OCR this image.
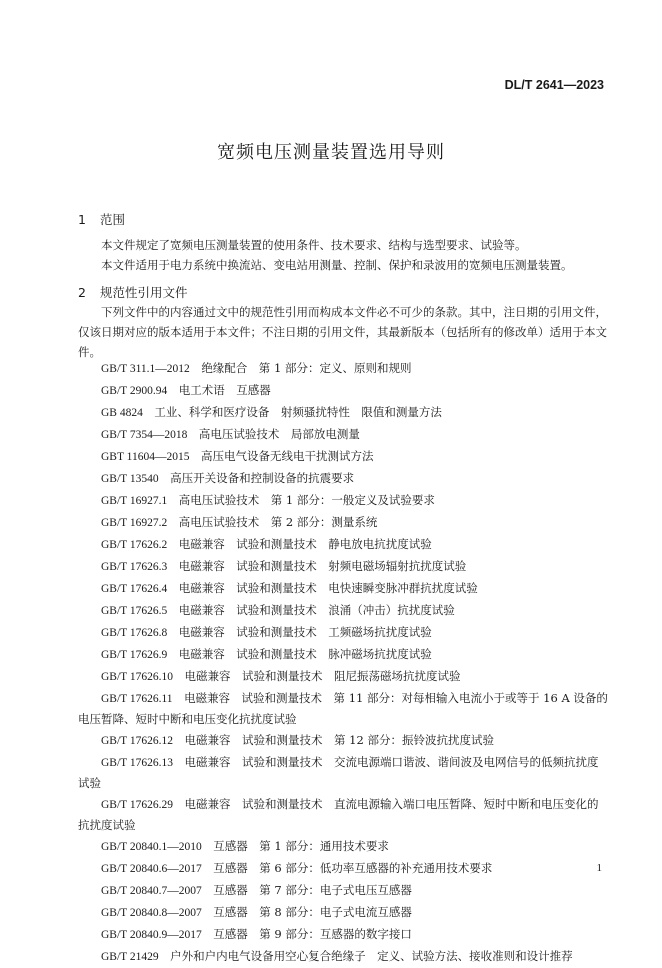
DL/T 2641—2023
宽频电压测量装置选用导则
1 范围
本文件规定了宽频电压测量装置的使用条件、技术要求、结构与选型要求、试验等。
本文件适用于电力系统中换流站、变电站用测量、控制、保护和录波用的宽频电压测量装置。
2 规范性引用文件
下列文件中的内容通过文中的规范性引用而构成本文件必不可少的条款。其中，注日期的引用文件，仅该日期对应的版本适用于本文件；不注日期的引用文件，其最新版本（包括所有的修改单）适用于本文件。
GB/T 311.1—2012　 绝缘配合　第 1 部分：定义、原则和规则
GB/T 2900.94　 电工术语　互感器
GB 4824　 工业、科学和医疗设备　射频骚扰特性　限值和测量方法
GB/T 7354—2018　 高电压试验技术　局部放电测量
GBT 11604—2015　 高压电气设备无线电干扰测试方法
GB/T 13540　 高压开关设备和控制设备的抗震要求
GB/T 16927.1　 高电压试验技术　第 1 部分：一般定义及试验要求
GB/T 16927.2　 高电压试验技术　第 2 部分：测量系统
GB/T 17626.2　 电磁兼容　试验和测量技术　静电放电抗扰度试验
GB/T 17626.3　 电磁兼容　试验和测量技术　射频电磁场辐射抗扰度试验
GB/T 17626.4　 电磁兼容　试验和测量技术　电快速瞬变脉冲群抗扰度试验
GB/T 17626.5　 电磁兼容　试验和测量技术　浪涌（冲击）抗扰度试验
GB/T 17626.8　 电磁兼容　试验和测量技术　工频磁场抗扰度试验
GB/T 17626.9　 电磁兼容　试验和测量技术　脉冲磁场抗扰度试验
GB/T 17626.10　 电磁兼容　试验和测量技术　阻尼振荡磁场抗扰度试验
GB/T 17626.11　 电磁兼容　试验和测量技术　第 11 部分：对每相输入电流小于或等于 16 A 设备的电压暂降、短时中断和电压变化抗扰度试验
GB/T 17626.12　 电磁兼容　试验和测量技术　第 12 部分：振铃波抗扰度试验
GB/T 17626.13　 电磁兼容　试验和测量技术　交流电源端口谐波、谐间波及电网信号的低频抗扰度试验
GB/T 17626.29　 电磁兼容　试验和测量技术　直流电源输入端口电压暂降、短时中断和电压变化的抗扰度试验
GB/T 20840.1—2010　 互感器　第 1 部分：通用技术要求
GB/T 20840.6—2017　 互感器　第 6 部分：低功率互感器的补充通用技术要求
GB/T 20840.7—2007　 互感器　第 7 部分：电子式电压互感器
GB/T 20840.8—2007　 互感器　第 8 部分：电子式电流互感器
GB/T 20840.9—2017　 互感器　第 9 部分：互感器的数字接口
GB/T 21429　 户外和户内电气设备用空心复合绝缘子　定义、试验方法、接收准则和设计推荐
1
